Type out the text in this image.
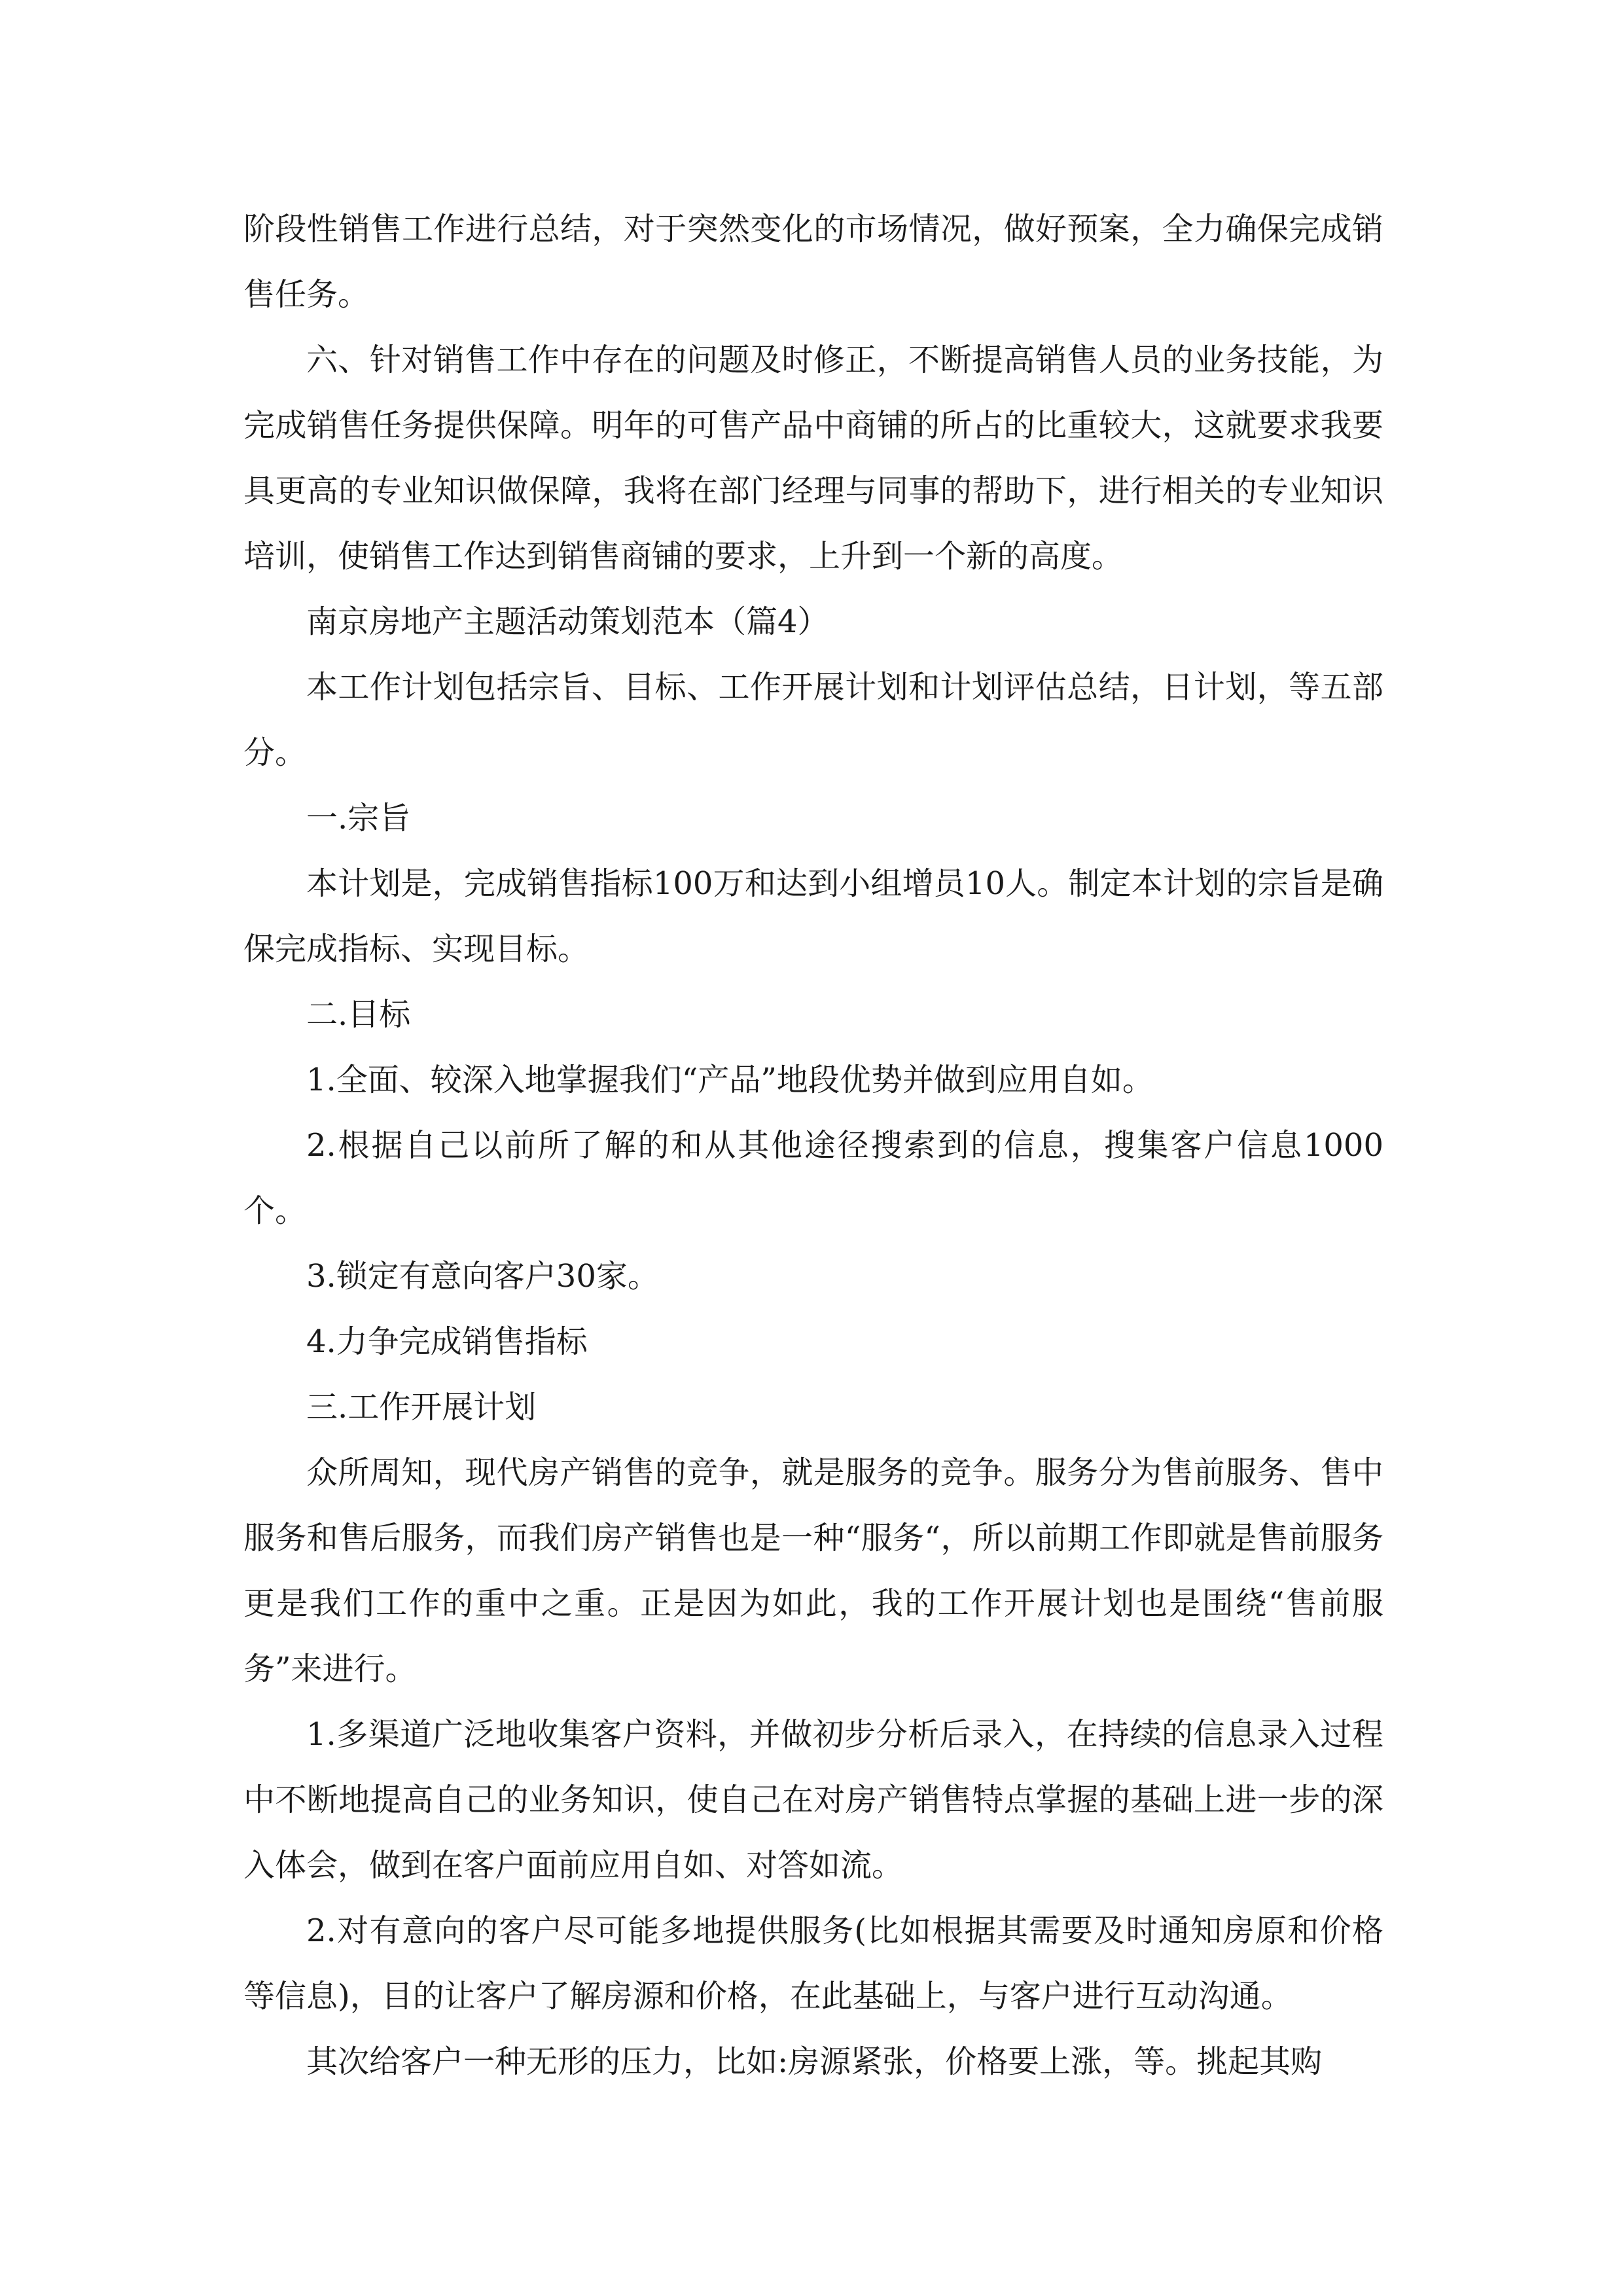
阶段性销售工作进行总结，对于突然变化的市场情况，做好预案，全力确保完成销售任务。

六、针对销售工作中存在的问题及时修正，不断提高销售人员的业务技能，为完成销售任务提供保障。明年的可售产品中商铺的所占的比重较大，这就要求我要具更高的专业知识做保障，我将在部门经理与同事的帮助下，进行相关的专业知识培训，使销售工作达到销售商铺的要求，上升到一个新的高度。

南京房地产主题活动策划范本（篇4）

本工作计划包括宗旨、目标、工作开展计划和计划评估总结，日计划，等五部分。

一.宗旨

本计划是，完成销售指标100万和达到小组增员10人。制定本计划的宗旨是确保完成指标、实现目标。

二.目标

1.全面、较深入地掌握我们“产品”地段优势并做到应用自如。

2.根据自己以前所了解的和从其他途径搜索到的信息，搜集客户信息1000个。

3.锁定有意向客户30家。

4.力争完成销售指标

三.工作开展计划

众所周知，现代房产销售的竞争，就是服务的竞争。服务分为售前服务、售中服务和售后服务，而我们房产销售也是一种“服务“，所以前期工作即就是售前服务更是我们工作的重中之重。正是因为如此，我的工作开展计划也是围绕“售前服务”来进行。

1.多渠道广泛地收集客户资料，并做初步分析后录入，在持续的信息录入过程中不断地提高自己的业务知识，使自己在对房产销售特点掌握的基础上进一步的深入体会，做到在客户面前应用自如、对答如流。

2.对有意向的客户尽可能多地提供服务(比如根据其需要及时通知房原和价格等信息)，目的让客户了解房源和价格，在此基础上，与客户进行互动沟通。

其次给客户一种无形的压力，比如:房源紧张，价格要上涨，等。挑起其购
